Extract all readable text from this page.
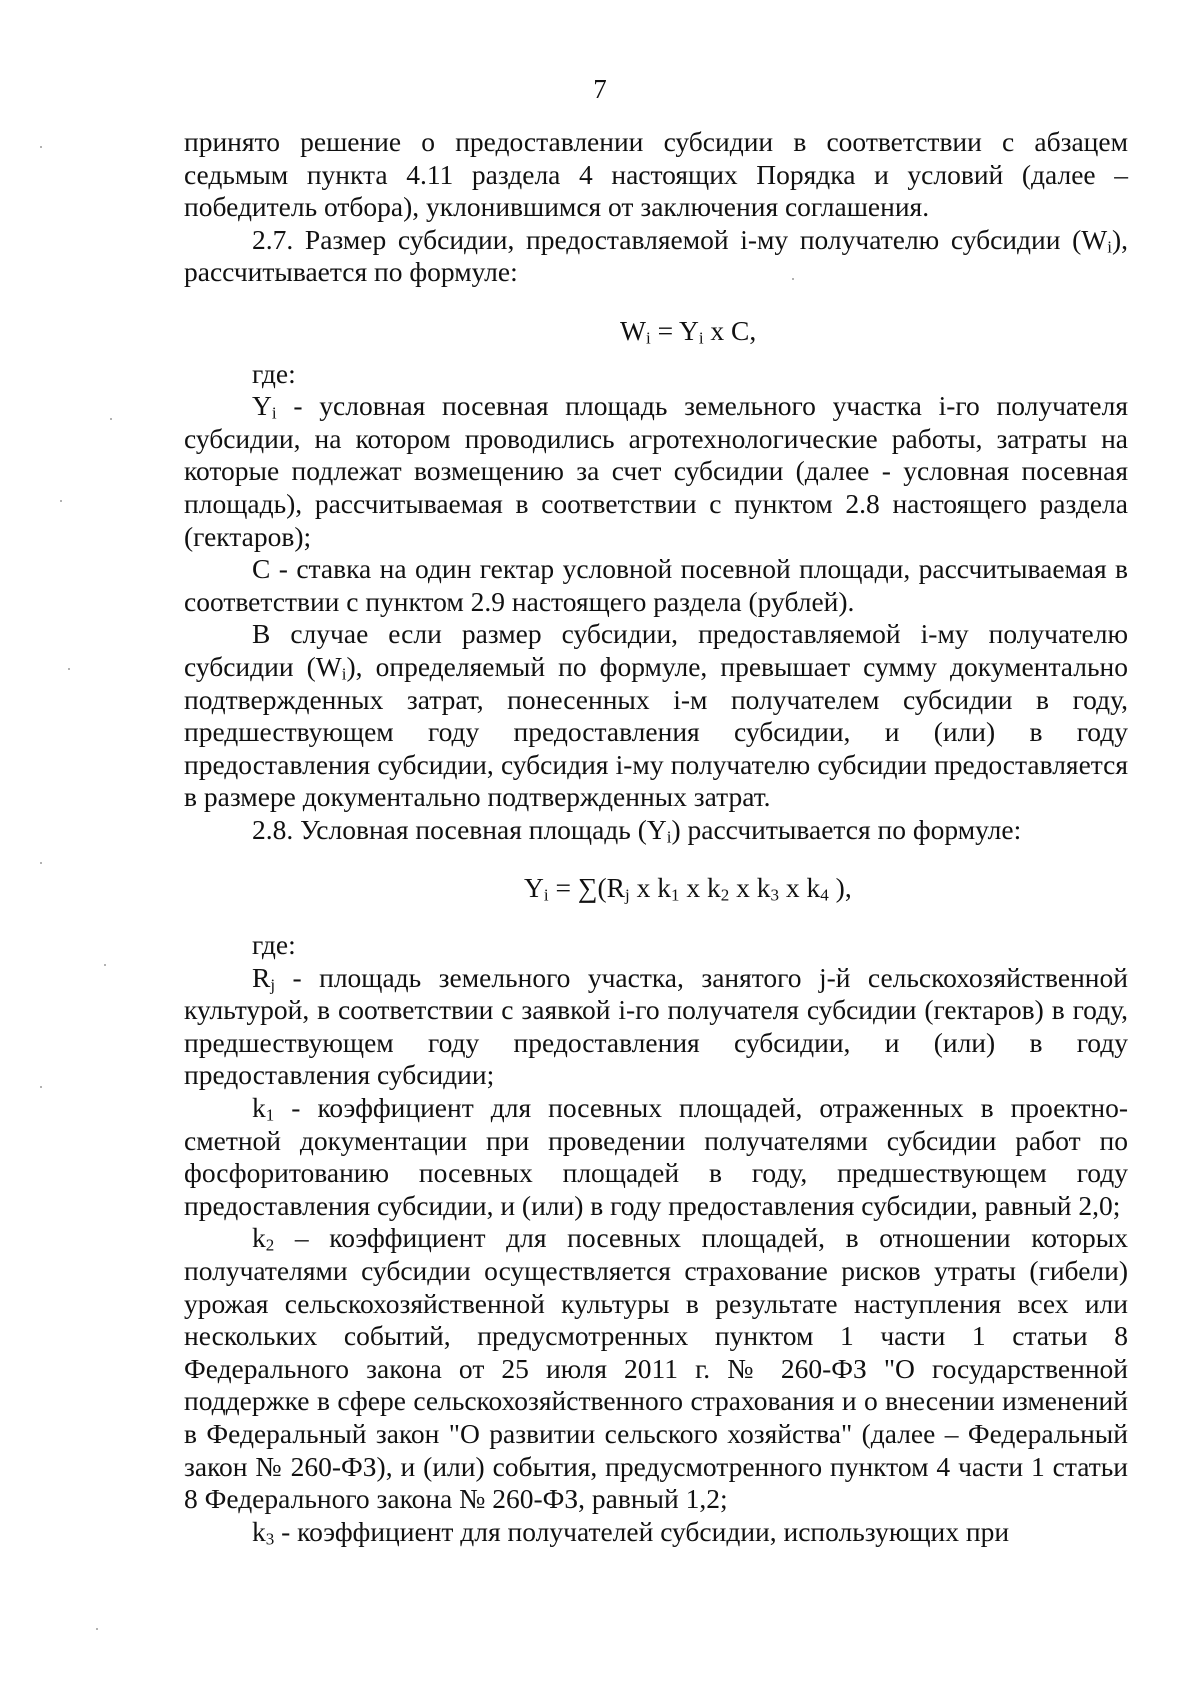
7

принято решение о предоставлении субсидии в соответствии с абзацем седьмым пункта 4.11 раздела 4 настоящих Порядка и условий (далее – победитель отбора), уклонившимся от заключения соглашения.

2.7. Размер субсидии, предоставляемой i-му получателю субсидии $(W_i)$, рассчитывается по формуле:

$W_i = Y_i$ x C,

где:

$Y_i$ - условная посевная площадь земельного участка i-го получателя субсидии, на котором проводились агротехнологические работы, затраты на которые подлежат возмещению за счет субсидии (далее - условная посевная площадь), рассчитываемая в соответствии с пунктом 2.8 настоящего раздела (гектаров);

С - ставка на один гектар условной посевной площади, рассчитываемая в соответствии с пунктом 2.9 настоящего раздела (рублей).

В случае если размер субсидии, предоставляемой i-му получателю субсидии $(W_i)$, определяемый по формуле, превышает сумму документально подтвержденных затрат, понесенных i-м получателем субсидии в году, предшествующем году предоставления субсидии, и (или) в году предоставления субсидии, субсидия i-му получателю субсидии предоставляется в размере документально подтвержденных затрат.

2.8. Условная посевная площадь $(Y_i)$ рассчитывается по формуле:

$Y_i = \sum(R_j$ x $k_1$ x $k_2$ x $k_3$ x $k_4$ ),

где:

$R_j$ - площадь земельного участка, занятого j-й сельскохозяйственной культурой, в соответствии с заявкой i-го получателя субсидии (гектаров) в году, предшествующем году предоставления субсидии, и (или) в году предоставления субсидии;

$k_1$ - коэффициент для посевных площадей, отраженных в проектно-сметной документации при проведении получателями субсидии работ по фосфоритованию посевных площадей в году, предшествующем году предоставления субсидии, и (или) в году предоставления субсидии, равный 2,0;

$k_2$ – коэффициент для посевных площадей, в отношении которых получателями субсидии осуществляется страхование рисков утраты (гибели) урожая сельскохозяйственной культуры в результате наступления всех или нескольких событий, предусмотренных пунктом 1 части 1 статьи 8 Федерального закона от 25 июля 2011 г. № 260-ФЗ "О государственной поддержке в сфере сельскохозяйственного страхования и о внесении изменений в Федеральный закон "О развитии сельского хозяйства" (далее – Федеральный закон № 260-ФЗ), и (или) события, предусмотренного пунктом 4 части 1 статьи 8 Федерального закона № 260-ФЗ, равный 1,2;

$k_3$ - коэффициент для получателей субсидии, использующих при
